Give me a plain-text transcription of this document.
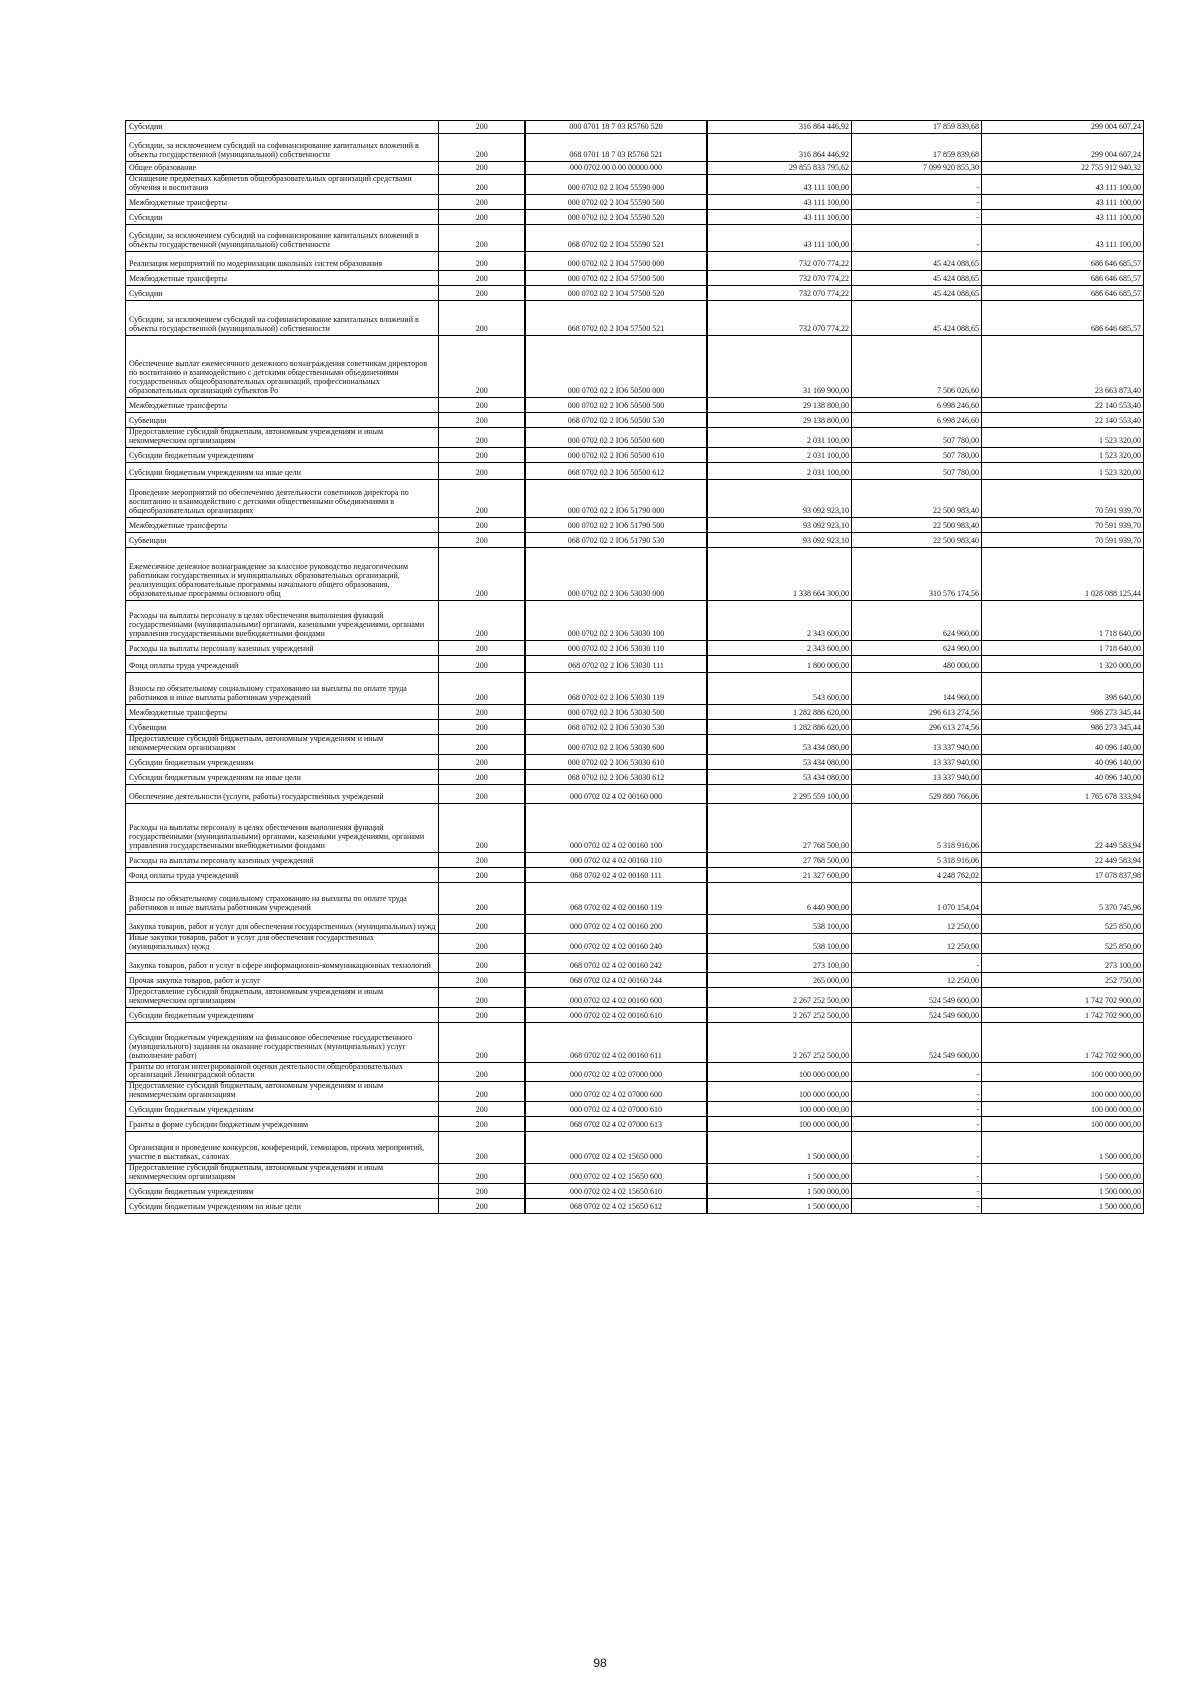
Субсидии	200	000 0701 18 7 03 R5760 520	316 864 446,92	17 859 839,68	299 004 607,24
Субсидии, за исключением субсидий на софинансирование капитальных вложений в объекты государственной (муниципальной) собственности	200	068 0701 18 7 03 R5760 521	316 864 446,92	17 859 839,68	299 004 607,24
Общее образование	200	000 0702 00 0 00 00000 000	29 855 833 795,62	7 099 920 855,30	22 755 912 940,32
Оснащение предметных кабинетов общеобразовательных организаций средствами обучения и воспитания	200	000 0702 02 2 IO4 55590 000	43 111 100,00	-	43 111 100,00
Межбюджетные трансферты	200	000 0702 02 2 IO4 55590 500	43 111 100,00	-	43 111 100,00
Субсидии	200	000 0702 02 2 IO4 55590 520	43 111 100,00	-	43 111 100,00
Субсидии, за исключением субсидий на софинансирование капитальных вложений в объекты государственной (муниципальной) собственности	200	068 0702 02 2 IO4 55590 521	43 111 100,00	-	43 111 100,00
Реализация мероприятий по модернизации школьных систем образования	200	000 0702 02 2 IO4 57500 000	732 070 774,22	45 424 088,65	686 646 685,57
Межбюджетные трансферты	200	000 0702 02 2 IO4 57500 500	732 070 774,22	45 424 088,65	686 646 685,57
Субсидии	200	000 0702 02 2 IO4 57500 520	732 070 774,22	45 424 088,65	686 646 685,57
Субсидии, за исключением субсидий на софинансирование капитальных вложений в объекты государственной (муниципальной) собственности	200	068 0702 02 2 IO4 57500 521	732 070 774,22	45 424 088,65	686 646 685,57
Обеспечение выплат ежемесячного денежного вознаграждения советникам директоров по воспитанию и взаимодействию с детскими общественными объединениями государственных общеобразовательных организаций, профессиональных образовательных организаций субъектов Ро	200	000 0702 02 2 IO6 50500 000	31 169 900,00	7 506 026,60	23 663 873,40
Межбюджетные трансферты	200	000 0702 02 2 IO6 50500 500	29 138 800,00	6 998 246,60	22 140 553,40
Субвенции	200	068 0702 02 2 IO6 50500 530	29 138 800,00	6 998 246,60	22 140 553,40
Предоставление субсидий бюджетным, автономным учреждениям и иным некоммерческим организациям	200	000 0702 02 2 IO6 50500 600	2 031 100,00	507 780,00	1 523 320,00
Субсидии бюджетным учреждениям	200	000 0702 02 2 IO6 50500 610	2 031 100,00	507 780,00	1 523 320,00
Субсидии бюджетным учреждениям на иные цели	200	068 0702 02 2 IO6 50500 612	2 031 100,00	507 780,00	1 523 320,00
Проведение мероприятий по обеспечению деятельности советников директора по воспитанию и взаимодействию с детскими общественными объединениями в общеобразовательных организациях	200	000 0702 02 2 IO6 51790 000	93 092 923,10	22 500 983,40	70 591 939,70
Межбюджетные трансферты	200	000 0702 02 2 IO6 51790 500	93 092 923,10	22 500 983,40	70 591 939,70
Субвенции	200	068 0702 02 2 IO6 51790 530	93 092 923,10	22 500 983,40	70 591 939,70
Ежемесячное денежное вознаграждение за классное руководство педагогическим работникам государственных и муниципальных образовательных организаций, реализующих образовательные программы начального общего образования, образовательные программы основного общ	200	000 0702 02 2 IO6 53030 000	1 338 664 300,00	310 576 174,56	1 028 088 125,44
Расходы на выплаты персоналу в целях обеспечения выполнения функций государственными (муниципальными) органами, казенными учреждениями, органами управления государственными внебюджетными фондами	200	000 0702 02 2 IO6 53030 100	2 343 600,00	624 960,00	1 718 640,00
Расходы на выплаты персоналу казенных учреждений	200	000 0702 02 2 IO6 53030 110	2 343 600,00	624 960,00	1 718 640,00
Фонд оплаты труда учреждений	200	068 0702 02 2 IO6 53030 111	1 800 000,00	480 000,00	1 320 000,00
Взносы по обязательному социальному страхованию на выплаты по оплате труда работников и иные выплаты работникам учреждений	200	068 0702 02 2 IO6 53030 119	543 600,00	144 960,00	398 640,00
Межбюджетные трансферты	200	000 0702 02 2 IO6 53030 500	1 282 886 620,00	296 613 274,56	986 273 345,44
Субвенции	200	068 0702 02 2 IO6 53030 530	1 282 886 620,00	296 613 274,56	986 273 345,44
Предоставление субсидий бюджетным, автономным учреждениям и иным некоммерческим организациям	200	000 0702 02 2 IO6 53030 600	53 434 080,00	13 337 940,00	40 096 140,00
Субсидии бюджетным учреждениям	200	000 0702 02 2 IO6 53030 610	53 434 080,00	13 337 940,00	40 096 140,00
Субсидии бюджетным учреждениям на иные цели	200	068 0702 02 2 IO6 53030 612	53 434 080,00	13 337 940,00	40 096 140,00
Обеспечение деятельности (услуги, работы) государственных учреждений	200	000 0702 02 4 02 00160 000	2 295 559 100,00	529 880 766,06	1 765 678 333,94
Расходы на выплаты персоналу в целях обеспечения выполнения функций государственными (муниципальными) органами, казенными учреждениями, органами управления государственными внебюджетными фондами	200	000 0702 02 4 02 00160 100	27 768 500,00	5 318 916,06	22 449 583,94
Расходы на выплаты персоналу казенных учреждений	200	000 0702 02 4 02 00160 110	27 768 500,00	5 318 916,06	22 449 583,94
Фонд оплаты труда учреждений	200	068 0702 02 4 02 00160 111	21 327 600,00	4 248 762,02	17 078 837,98
Взносы по обязательному социальному страхованию на выплаты по оплате труда работников и иные выплаты работникам учреждений	200	068 0702 02 4 02 00160 119	6 440 900,00	1 070 154,04	5 370 745,96
Закупка товаров, работ и услуг для обеспечения государственных (муниципальных) нужд	200	000 0702 02 4 02 00160 200	538 100,00	12 250,00	525 850,00
Иные закупки товаров, работ и услуг для обеспечения государственных (муниципальных) нужд	200	000 0702 02 4 02 00160 240	538 100,00	12 250,00	525 850,00
Закупка товаров, работ и услуг в сфере информационно-коммуникационных технологий	200	068 0702 02 4 02 00160 242	273 100,00	-	273 100,00
Прочая закупка товаров, работ и услуг	200	068 0702 02 4 02 00160 244	265 000,00	12 250,00	252 750,00
Предоставление субсидий бюджетным, автономным учреждениям и иным некоммерческим организациям	200	000 0702 02 4 02 00160 600	2 267 252 500,00	524 549 600,00	1 742 702 900,00
Субсидии бюджетным учреждениям	200	000 0702 02 4 02 00160 610	2 267 252 500,00	524 549 600,00	1 742 702 900,00
Субсидии бюджетным учреждениям на финансовое обеспечение государственного (муниципального) задания на оказание государственных (муниципальных) услуг (выполнение работ)	200	068 0702 02 4 02 00160 611	2 267 252 500,00	524 549 600,00	1 742 702 900,00
Гранты по итогам интегрированной оценки деятельности общеобразовательных организаций Ленинградской области	200	000 0702 02 4 02 07000 000	100 000 000,00	-	100 000 000,00
Предоставление субсидий бюджетным, автономным учреждениям и иным некоммерческим организациям	200	000 0702 02 4 02 07000 600	100 000 000,00	-	100 000 000,00
Субсидии бюджетным учреждениям	200	000 0702 02 4 02 07000 610	100 000 000,00	-	100 000 000,00
Гранты в форме субсидии бюджетным учреждениям	200	068 0702 02 4 02 07000 613	100 000 000,00	-	100 000 000,00
Организация и проведение конкурсов, конференций, семинаров, прочих мероприятий, участие в выставках, салонах	200	000 0702 02 4 02 15650 000	1 500 000,00	-	1 500 000,00
Предоставление субсидий бюджетным, автономным учреждениям и иным некоммерческим организациям	200	000 0702 02 4 02 15650 600	1 500 000,00	-	1 500 000,00
Субсидии бюджетным учреждениям	200	000 0702 02 4 02 15650 610	1 500 000,00	-	1 500 000,00
Субсидии бюджетным учреждениям на иные цели	200	068 0702 02 4 02 15650 612	1 500 000,00	-	1 500 000,00
98
